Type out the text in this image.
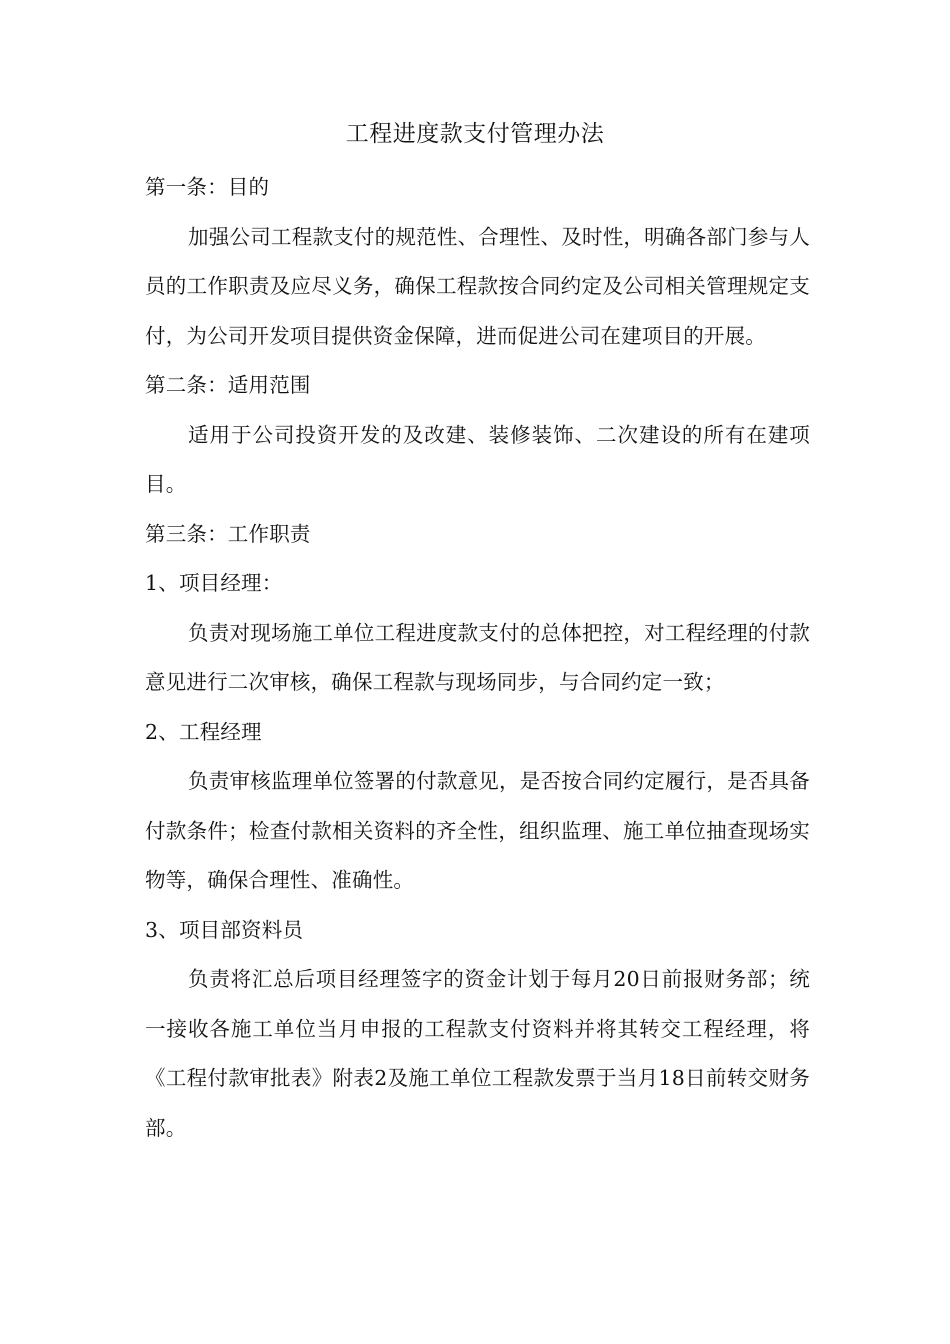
工程进度款支付管理办法

第一条：目的

加强公司工程款支付的规范性、合理性、及时性，明确各部门参与人员的工作职责及应尽义务，确保工程款按合同约定及公司相关管理规定支付，为公司开发项目提供资金保障，进而促进公司在建项目的开展。

第二条：适用范围

适用于公司投资开发的及改建、装修装饰、二次建设的所有在建项目。

第三条：工作职责

1、项目经理：

负责对现场施工单位工程进度款支付的总体把控，对工程经理的付款意见进行二次审核，确保工程款与现场同步，与合同约定一致；

2、工程经理

负责审核监理单位签署的付款意见，是否按合同约定履行，是否具备付款条件；检查付款相关资料的齐全性，组织监理、施工单位抽查现场实物等，确保合理性、准确性。

3、项目部资料员

负责将汇总后项目经理签字的资金计划于每月20日前报财务部；统一接收各施工单位当月申报的工程款支付资料并将其转交工程经理，将《工程付款审批表》附表2及施工单位工程款发票于当月18日前转交财务部。
